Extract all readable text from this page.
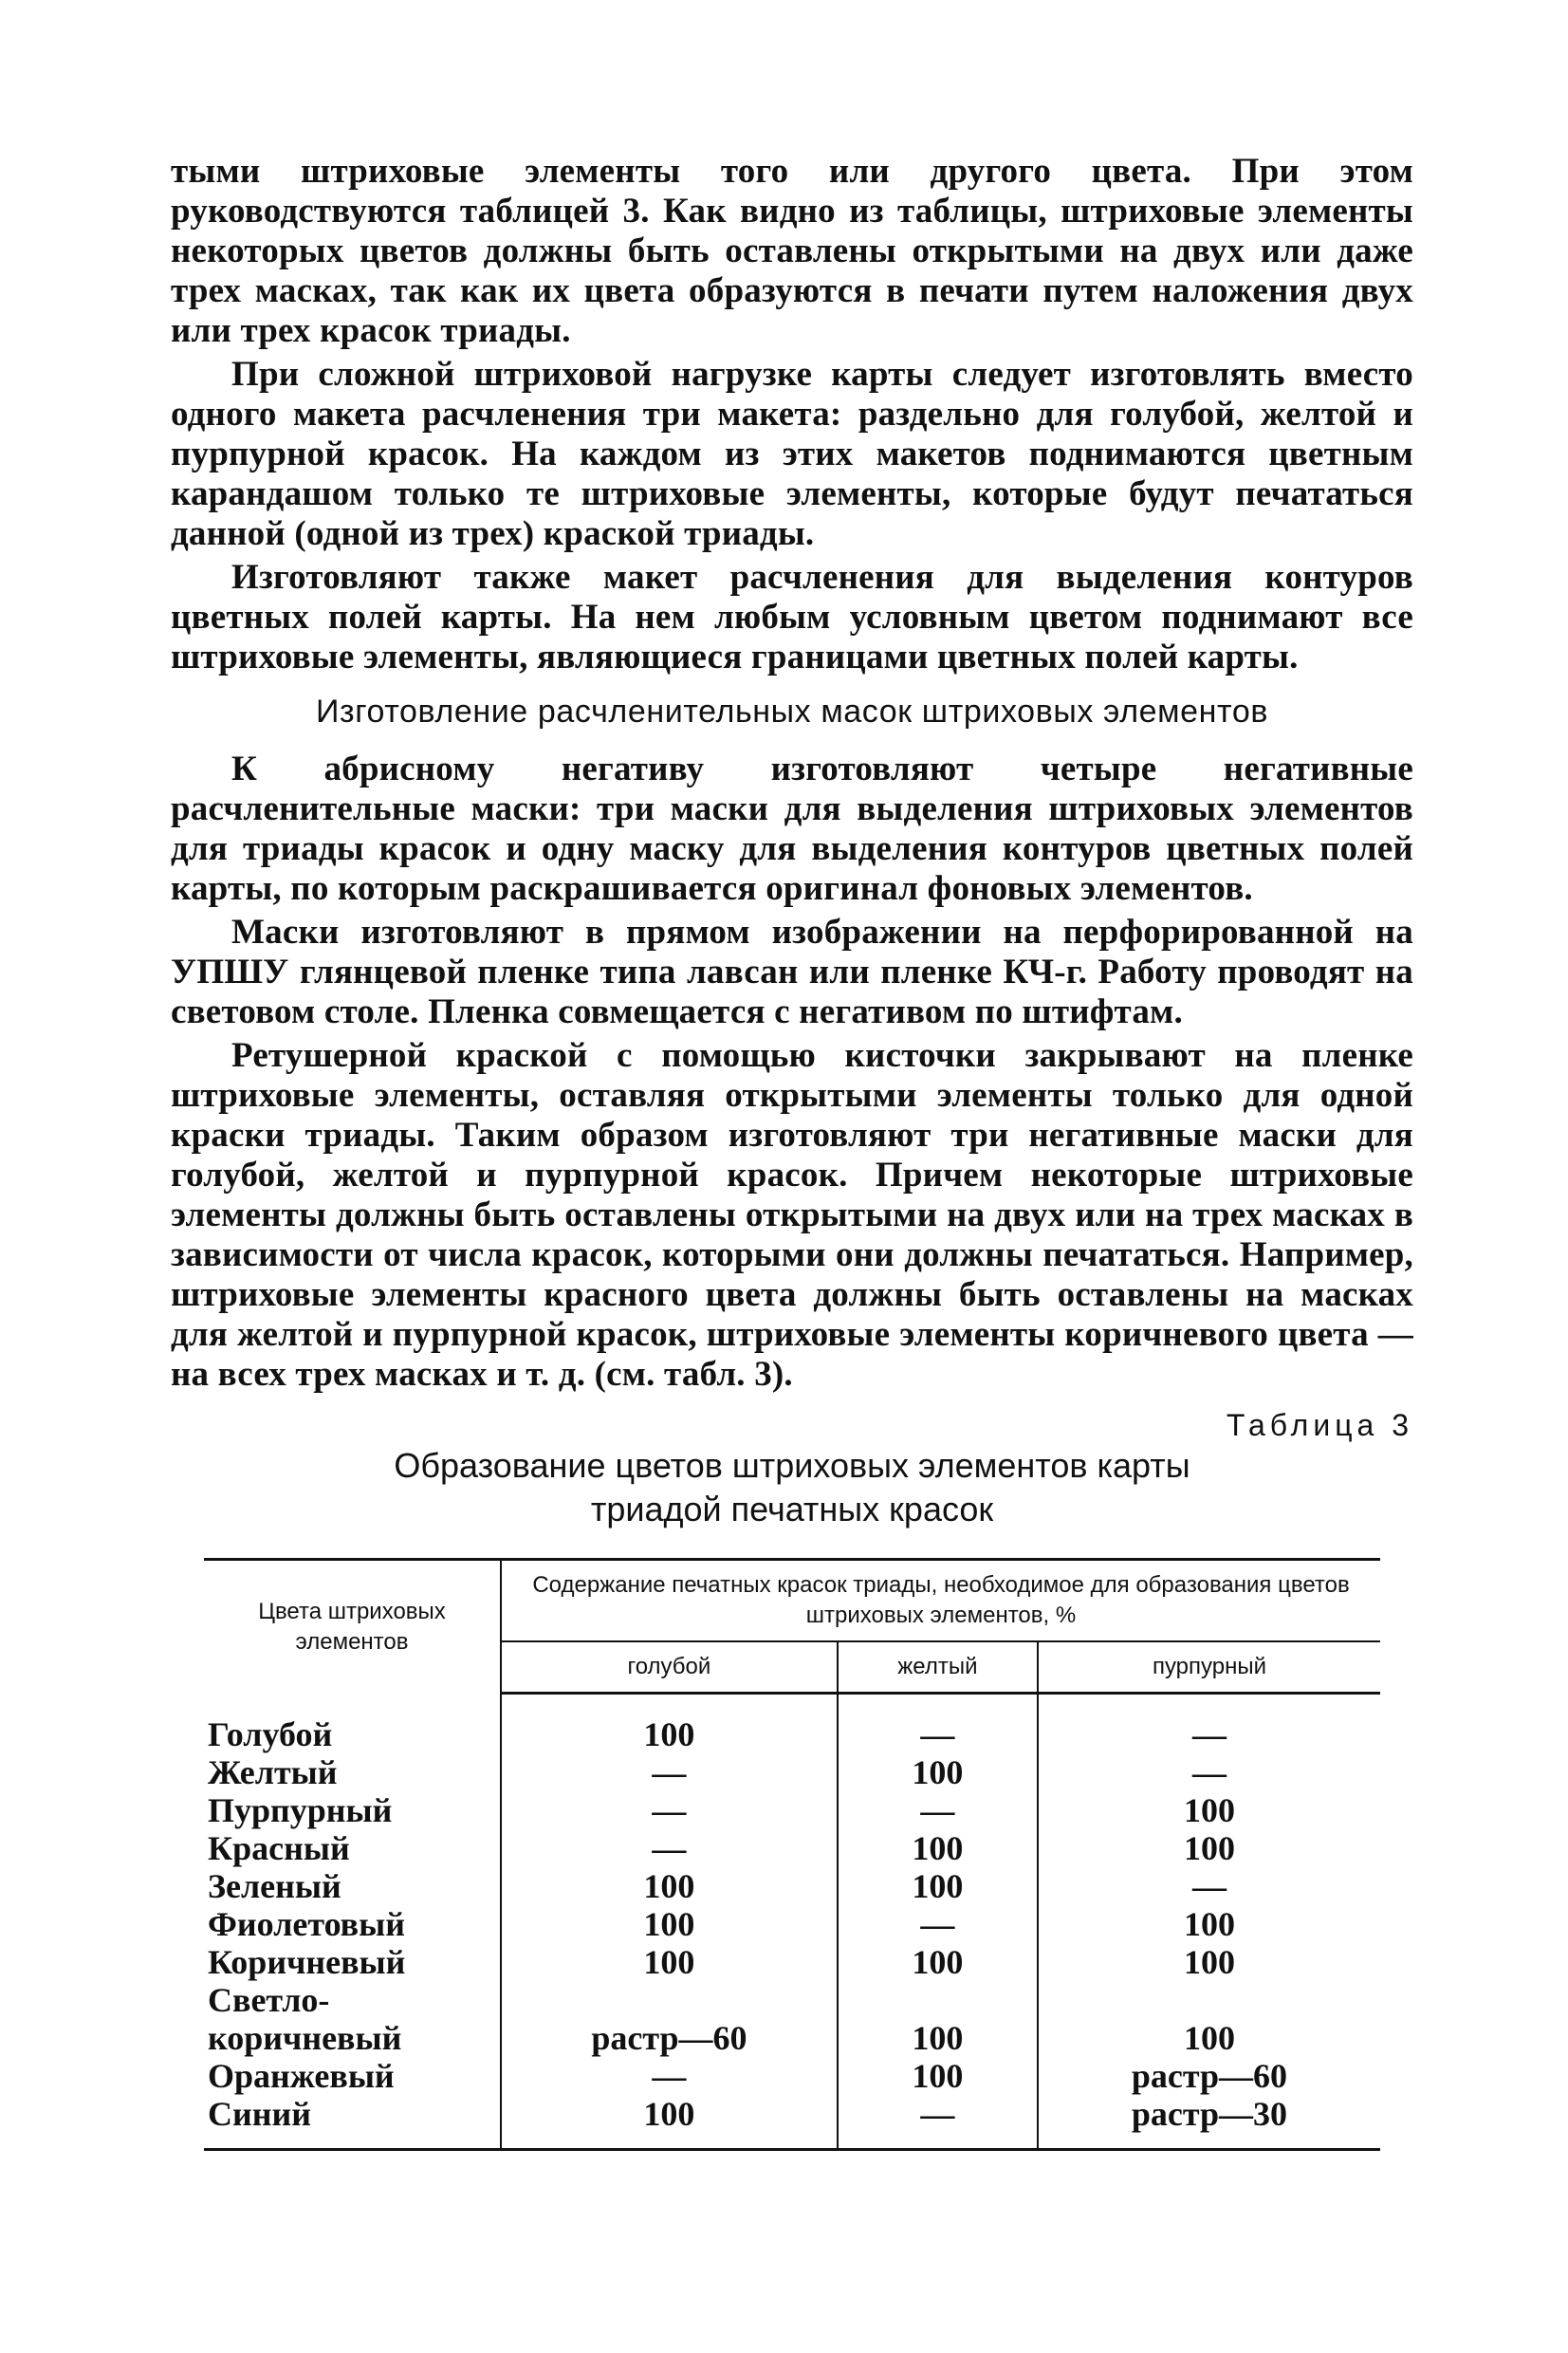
тыми штриховые элементы того или другого цвета. При этом руководствуются таблицей 3. Как видно из таблицы, штриховые элементы некоторых цветов должны быть оставлены открытыми на двух или даже трех масках, так как их цвета образуются в печати путем наложения двух или трех красок триады.

При сложной штриховой нагрузке карты следует изготовлять вместо одного макета расчленения три макета: раздельно для голубой, желтой и пурпурной красок. На каждом из этих макетов поднимаются цветным карандашом только те штриховые элементы, которые будут печататься данной (одной из трех) краской триады.

Изготовляют также макет расчленения для выделения контуров цветных полей карты. На нем любым условным цветом поднимают все штриховые элементы, являющиеся границами цветных полей карты.

Изготовление расчленительных масок штриховых элементов

К абрисному негативу изготовляют четыре негативные расчленительные маски: три маски для выделения штриховых элементов для триады красок и одну маску для выделения контуров цветных полей карты, по которым раскрашивается оригинал фоновых элементов.

Маски изготовляют в прямом изображении на перфорированной на УПШУ глянцевой пленке типа лавсан или пленке КЧ-г. Работу проводят на световом столе. Пленка совмещается с негативом по штифтам.

Ретушерной краской с помощью кисточки закрывают на пленке штриховые элементы, оставляя открытыми элементы только для одной краски триады. Таким образом изготовляют три негативные маски для голубой, желтой и пурпурной красок. Причем некоторые штриховые элементы должны быть оставлены открытыми на двух или на трех масках в зависимости от числа красок, которыми они должны печататься. Например, штриховые элементы красного цвета должны быть оставлены на масках для желтой и пурпурной красок, штриховые элементы коричневого цвета — на всех трех масках и т. д. (см. табл. 3).

Таблица 3
Образование цветов штриховых элементов карты
триадой печатных красок
Цвета штриховых элементов	Содержание печатных красок триады, необходимое для образования цветов штриховых элементов, %		
	голубой	желтый	пурпурный
Голубой	100	—	—
Желтый	—	100	—
Пурпурный	—	—	100
Красный	—	100	100
Зеленый	100	100	—
Фиолетовый	100	—	100
Коричневый	100	100	100
Светло-			
коричневый	растр—60	100	100
Оранжевый	—	100	растр—60
Синий	100	—	растр—30
